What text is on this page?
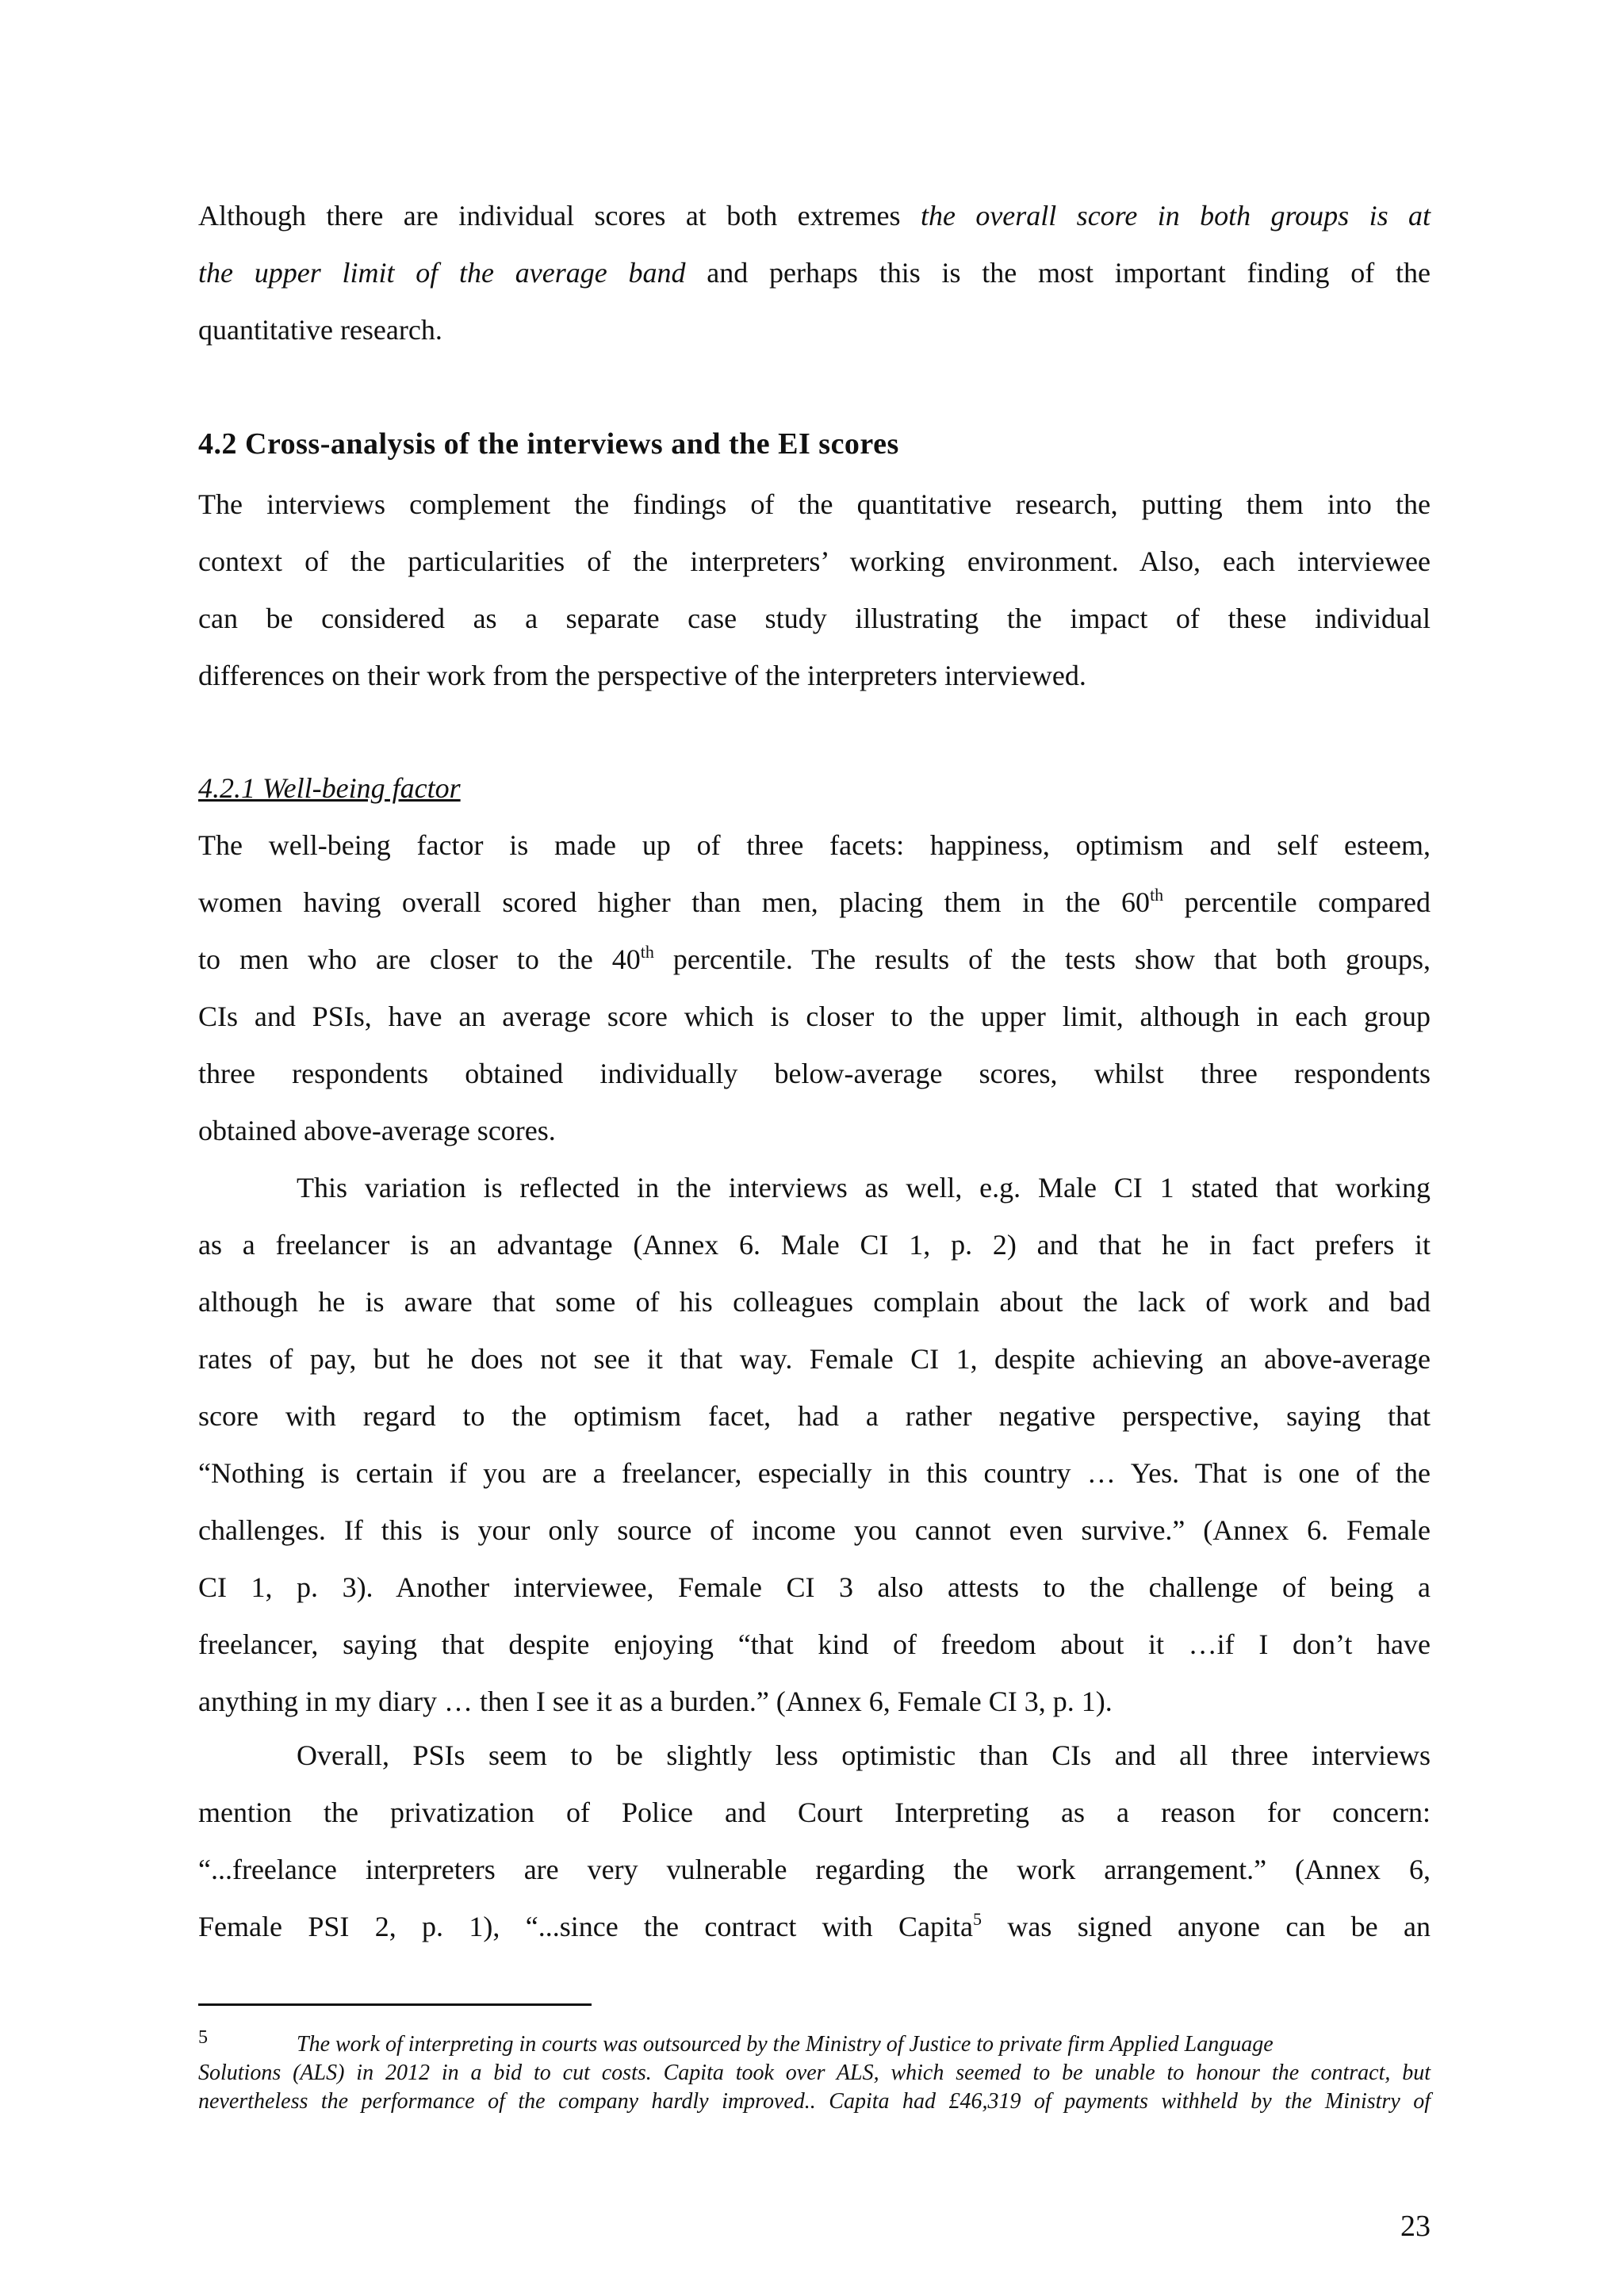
Although there are individual scores at both extremes the overall score in both groups is at
the upper limit of the average band and perhaps this is the most important finding of the
quantitative research.
4.2 Cross-analysis of the interviews and the EI scores
The interviews complement the findings of the quantitative research, putting them into the
context of the particularities of the interpreters’ working environment. Also, each interviewee
can be considered as a separate case study illustrating the impact of these individual
differences on their work from the perspective of the interpreters interviewed.
4.2.1 Well-being factor
The well-being factor is made up of three facets: happiness, optimism and self esteem,
women having overall scored higher than men, placing them in the 60th percentile compared
to men who are closer to the 40th percentile. The results of the tests show that both groups,
CIs and PSIs, have an average score which is closer to the upper limit, although in each group
three respondents obtained individually below-average scores, whilst three respondents
obtained above-average scores.
This variation is reflected in the interviews as well, e.g. Male CI 1 stated that working
as a freelancer is an advantage (Annex 6. Male CI 1, p. 2) and that he in fact prefers it
although he is aware that some of his colleagues complain about the lack of work and bad
rates of pay, but he does not see it that way. Female CI 1, despite achieving an above-average
score with regard to the optimism facet, had a rather negative perspective, saying that
“Nothing is certain if you are a freelancer, especially in this country … Yes. That is one of the
challenges. If this is your only source of income you cannot even survive.” (Annex 6. Female
CI 1, p. 3). Another interviewee, Female CI 3 also attests to the challenge of being a
freelancer, saying that despite enjoying “that kind of freedom about it …if I don’t have
anything in my diary … then I see it as a burden.” (Annex 6, Female CI 3, p. 1).
Overall, PSIs seem to be slightly less optimistic than CIs and all three interviews
mention the privatization of Police and Court Interpreting as a reason for concern:
“...freelance interpreters are very vulnerable regarding the work arrangement.” (Annex 6,
Female PSI 2, p. 1), “...since the contract with Capita$^5$ was signed anyone can be an
5	The work of interpreting in courts was outsourced by the Ministry of Justice to private firm Applied Language
Solutions (ALS) in 2012 in a bid to cut costs. Capita took over ALS, which seemed to be unable to honour the contract, but
nevertheless the performance of the company hardly improved.. Capita had £46,319 of payments withheld by the Ministry of
23
